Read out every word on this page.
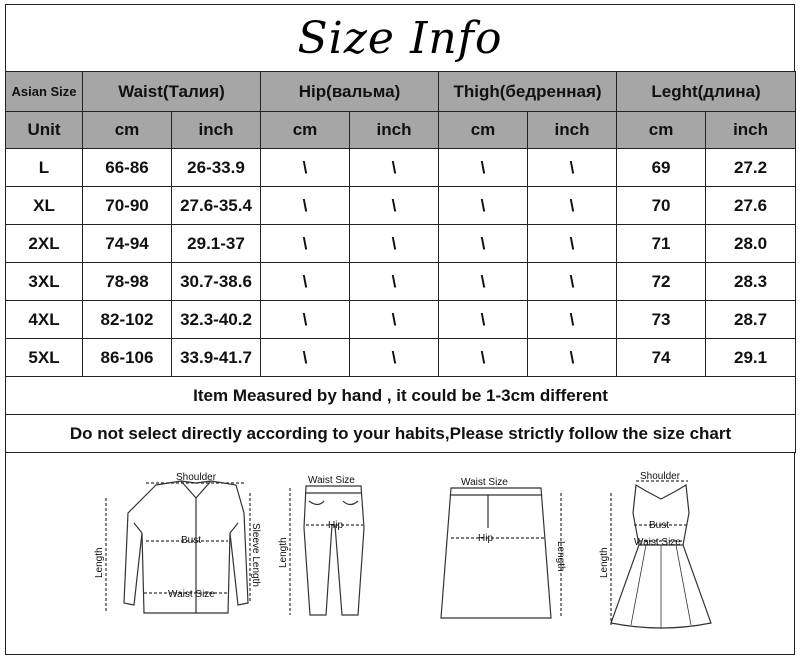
Size Info
Asian Size	Waist(Талия)		Hip(вальма)		Thigh(бедренная)		Leght(длина)	
Unit	cm	inch	cm	inch	cm	inch	cm	inch
L	66-86	26-33.9	\	\	\	\	69	27.2
XL	70-90	27.6-35.4	\	\	\	\	70	27.6
2XL	74-94	29.1-37	\	\	\	\	71	28.0
3XL	78-98	30.7-38.6	\	\	\	\	72	28.3
4XL	82-102	32.3-40.2	\	\	\	\	73	28.7
5XL	86-106	33.9-41.7	\	\	\	\	74	29.1
Item Measured by hand , it could be 1-3cm different								
Do not select directly according to your habits,Please strictly follow the size chart								
Shoulder
Bust
Waist Size
Length	Sleeve Length
Waist Size
Hip
Length
Waist Size
Hip
Length
Shoulder
Bust
Waist Size
Length
